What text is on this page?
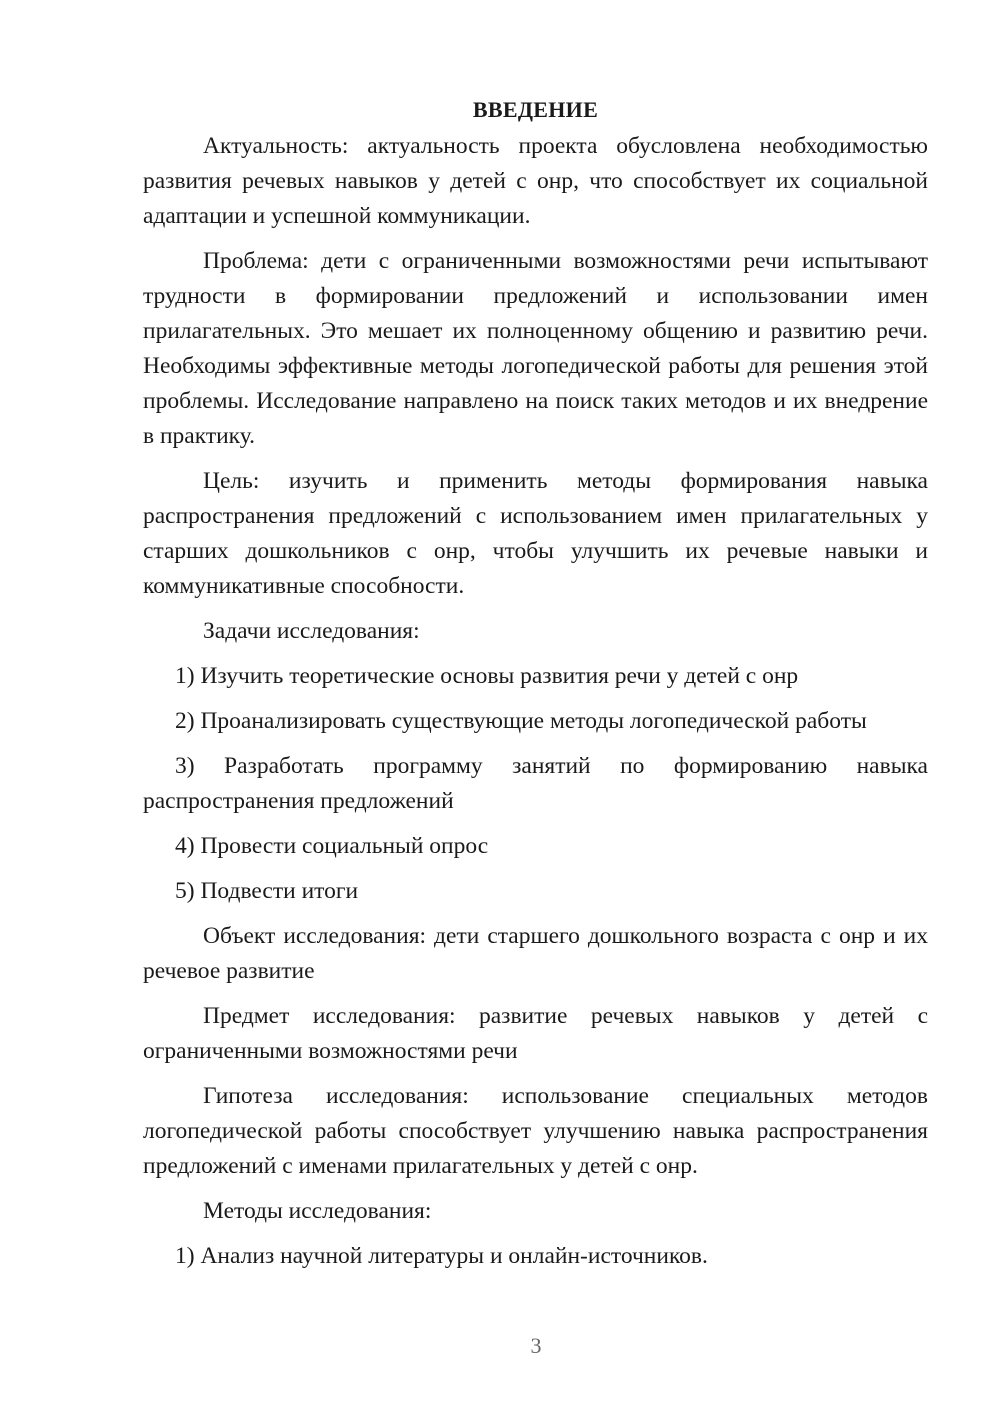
ВВЕДЕНИЕ

Актуальность: актуальность проекта обусловлена необходимостью развития речевых навыков у детей с онр, что способствует их социальной адаптации и успешной коммуникации.

Проблема: дети с ограниченными возможностями речи испытывают трудности в формировании предложений и использовании имен прилагательных. Это мешает их полноценному общению и развитию речи. Необходимы эффективные методы логопедической работы для решения этой проблемы. Исследование направлено на поиск таких методов и их внедрение в практику.

Цель: изучить и применить методы формирования навыка распространения предложений с использованием имен прилагательных у старших дошкольников с онр, чтобы улучшить их речевые навыки и коммуникативные способности.

Задачи исследования:

1) Изучить теоретические основы развития речи у детей с онр

2) Проанализировать существующие методы логопедической работы

3) Разработать программу занятий по формированию навыка распространения предложений

4) Провести социальный опрос

5) Подвести итоги

Объект исследования: дети старшего дошкольного возраста с онр и их речевое развитие

Предмет исследования: развитие речевых навыков у детей с ограниченными возможностями речи

Гипотеза исследования: использование специальных методов логопедической работы способствует улучшению навыка распространения предложений с именами прилагательных у детей с онр.

Методы исследования:

1) Анализ научной литературы и онлайн-источников.

3
